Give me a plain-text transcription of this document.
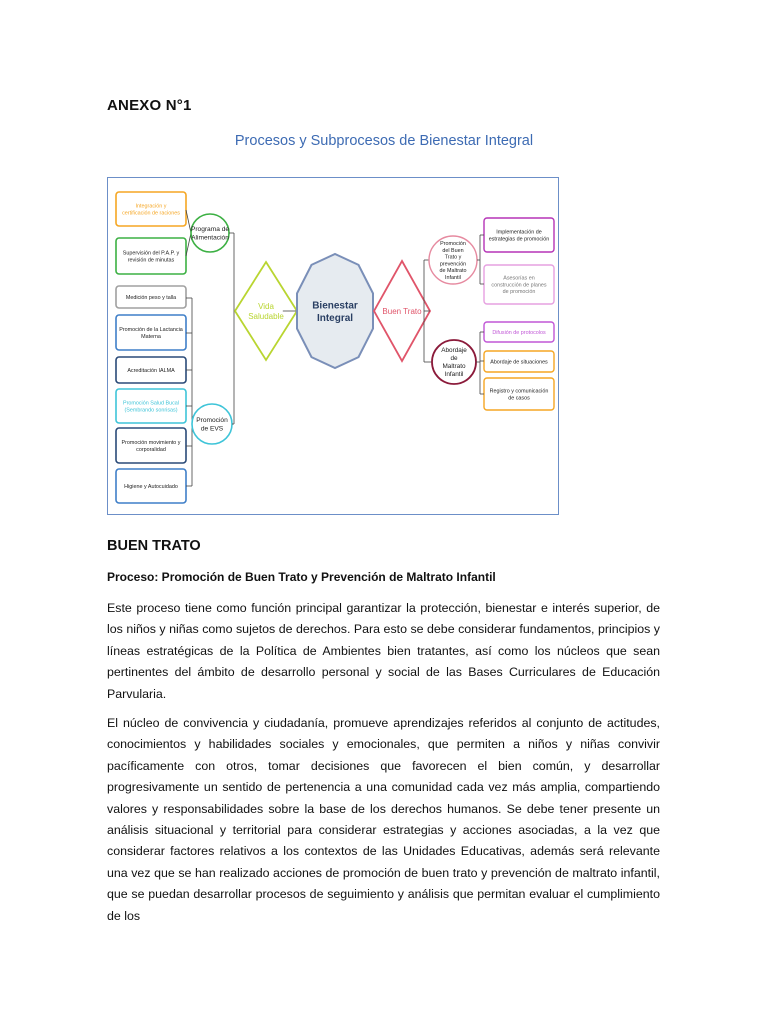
ANEXO N°1
Procesos y Subprocesos de Bienestar Integral
Integración y certificación de raciones
Supervisión del P.A.P. y revisión de minutas
Medición peso y talla
Promoción de la Lactancia Materna
Acreditación IALMA
Promoción Salud Bucal (Sembrando sonrisas)
Promoción movimiento y corporalidad
Higiene y Autocuidado
Programa de Alimentación
Promoción de EVS
Vida Saludable
Bienestar Integral
Buen Trato
Promoción del Buen Trato y prevención de Maltrato Infantil
Abordaje de Maltrato Infantil
Implementación de estrategias de promoción
Asesorías en construcción de planes de promoción
Difusión de protocolos
Abordaje de situaciones
Registro y comunicación de casos
BUEN TRATO
Proceso: Promoción de Buen Trato y Prevención de Maltrato Infantil

Este proceso tiene como función principal garantizar la protección, bienestar e interés superior, de los niños y niñas como sujetos de derechos. Para esto se debe considerar fundamentos, principios y líneas estratégicas de la Política de Ambientes bien tratantes, así como los núcleos que sean pertinentes del ámbito de desarrollo personal y social de las Bases Curriculares de Educación Parvularia.

El núcleo de convivencia y ciudadanía, promueve aprendizajes referidos al conjunto de actitudes, conocimientos y habilidades sociales y emocionales, que permiten a niños y niñas convivir pacíficamente con otros, tomar decisiones que favorecen el bien común, y desarrollar progresivamente un sentido de pertenencia a una comunidad cada vez más amplia, compartiendo valores y responsabilidades sobre la base de los derechos humanos. Se debe tener presente un análisis situacional y territorial para considerar estrategias y acciones asociadas, a la vez que considerar factores relativos a los contextos de las Unidades Educativas, además será relevante una vez que se han realizado acciones de promoción de buen trato y prevención de maltrato infantil, que se puedan desarrollar procesos de seguimiento y análisis que permitan evaluar el cumplimiento de los
